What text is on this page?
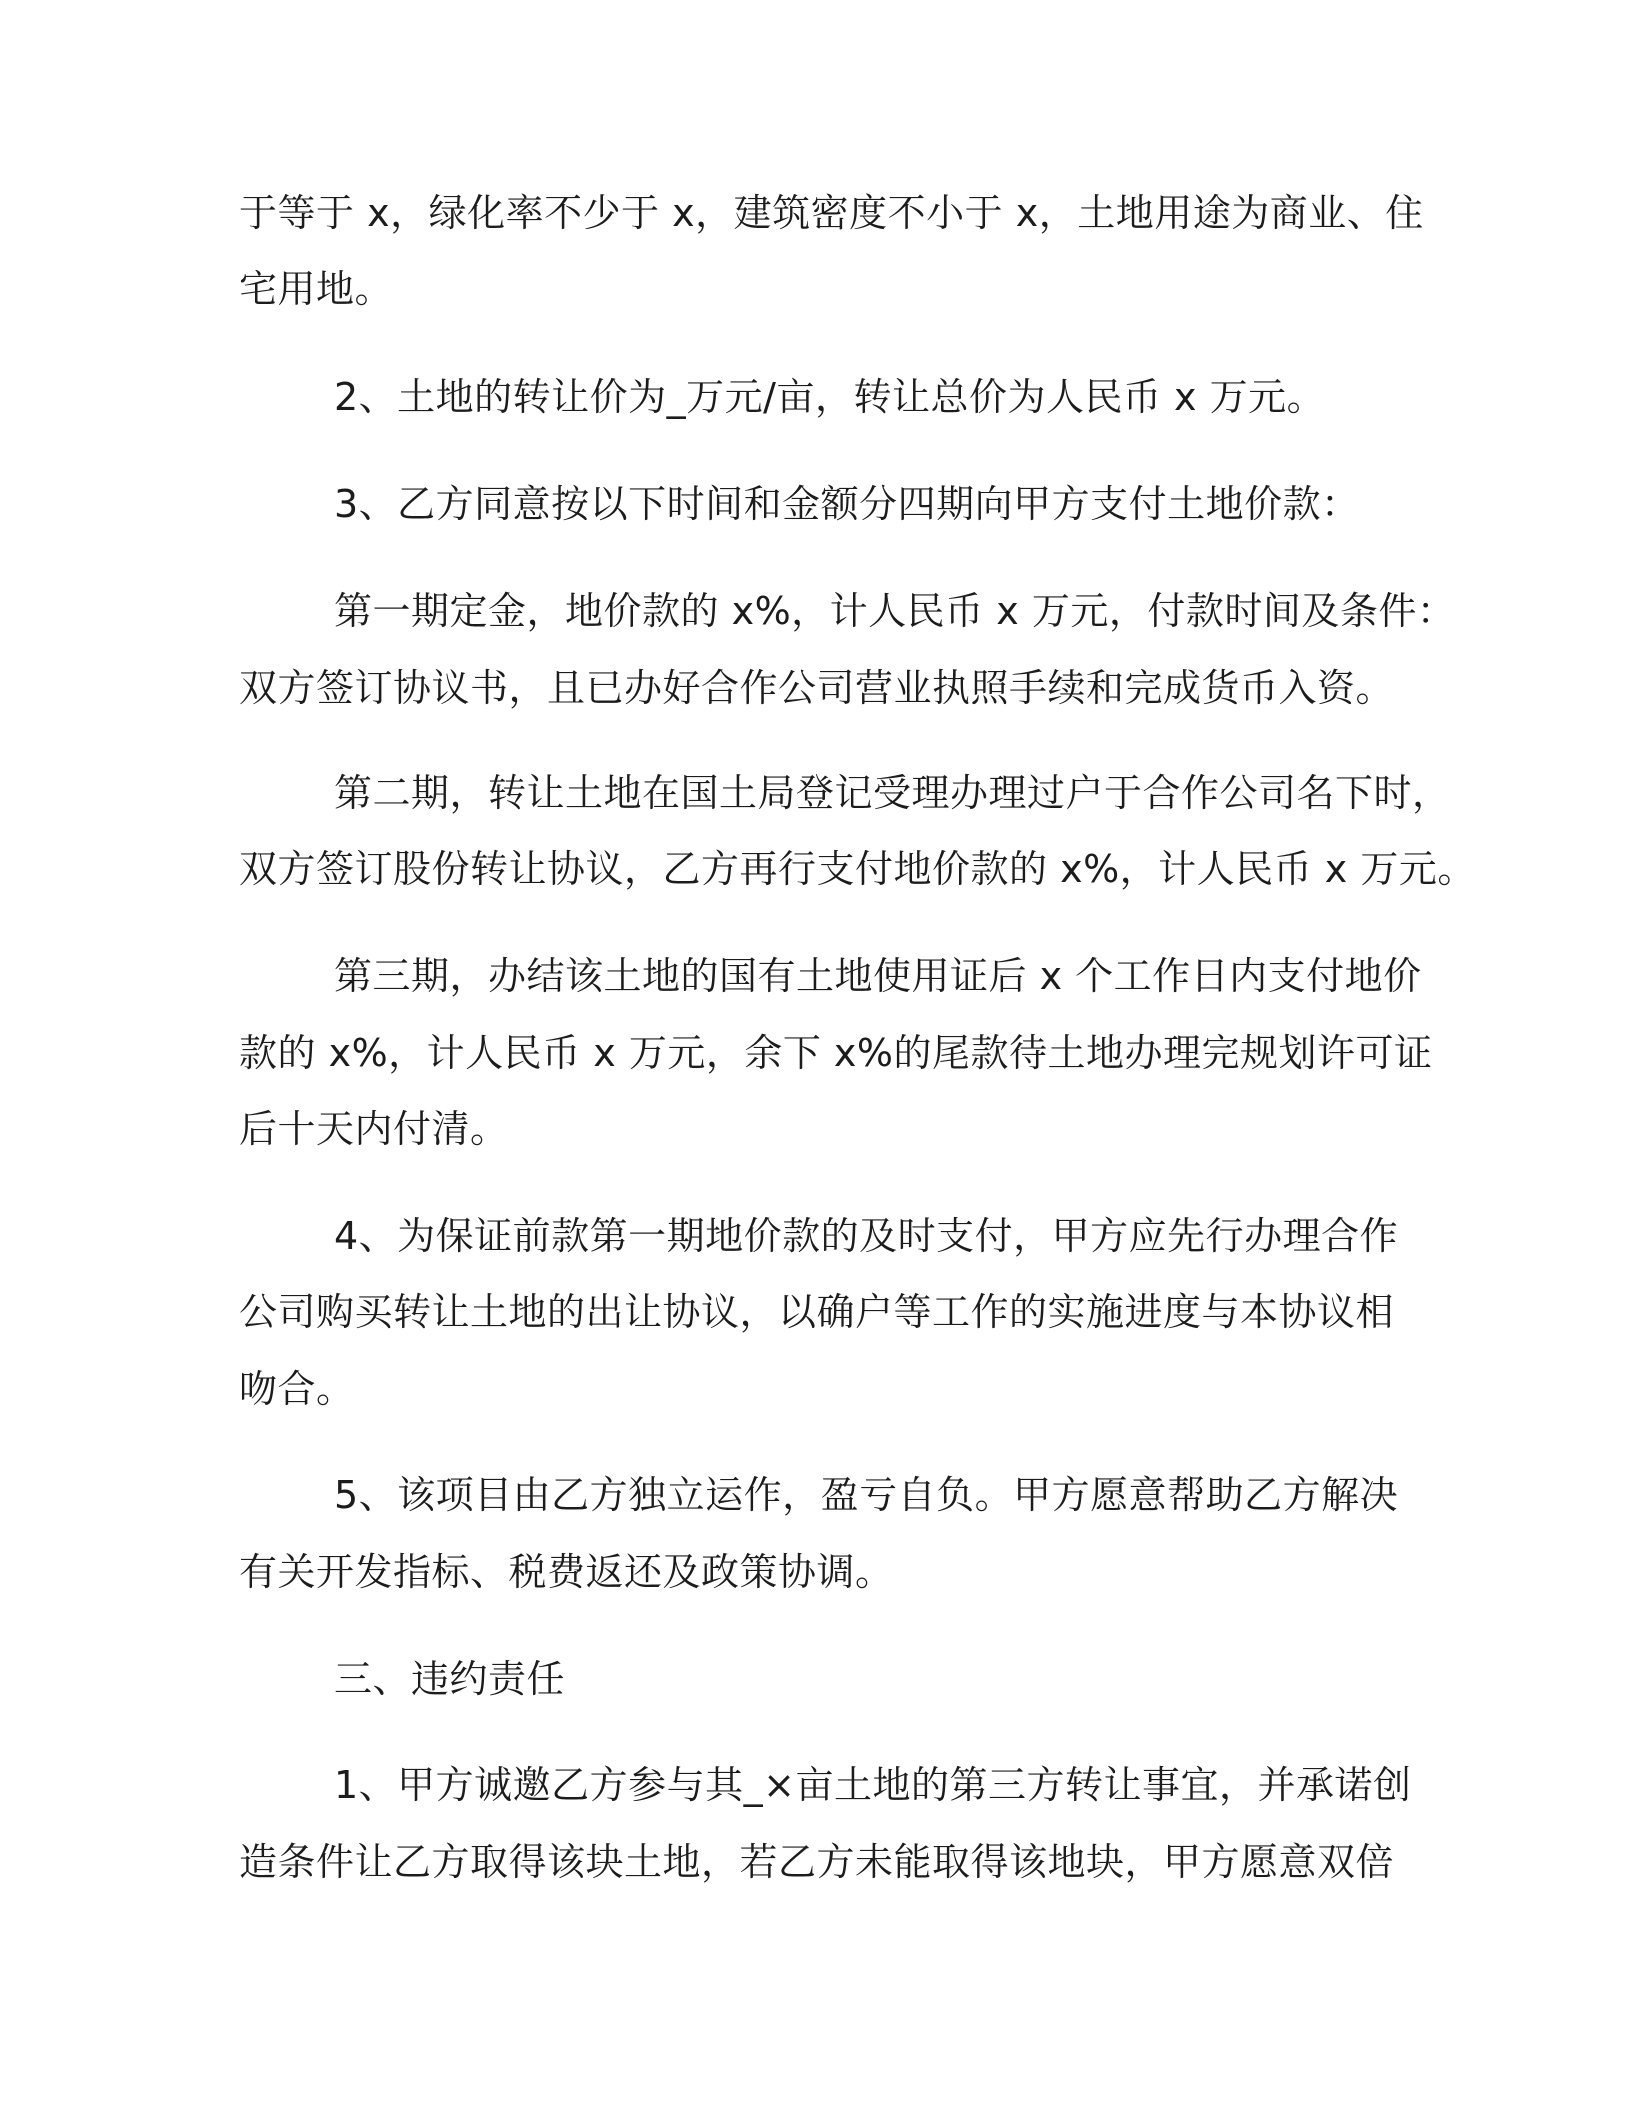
于等于 x，绿化率不少于 x，建筑密度不小于 x，土地用途为商业、住
宅用地。
2、土地的转让价为_万元/亩，转让总价为人民币 x 万元。
3、乙方同意按以下时间和金额分四期向甲方支付土地价款：
第一期定金，地价款的 x%，计人民币 x 万元，付款时间及条件：
双方签订协议书，且已办好合作公司营业执照手续和完成货币入资。
第二期，转让土地在国土局登记受理办理过户于合作公司名下时，
双方签订股份转让协议，乙方再行支付地价款的 x%，计人民币 x 万元。
第三期，办结该土地的国有土地使用证后 x 个工作日内支付地价
款的 x%，计人民币 x 万元，余下 x%的尾款待土地办理完规划许可证
后十天内付清。
4、为保证前款第一期地价款的及时支付，甲方应先行办理合作
公司购买转让土地的出让协议，以确户等工作的实施进度与本协议相
吻合。
5、该项目由乙方独立运作，盈亏自负。甲方愿意帮助乙方解决
有关开发指标、税费返还及政策协调。
三、违约责任
1、甲方诚邀乙方参与其_×亩土地的第三方转让事宜，并承诺创
造条件让乙方取得该块土地，若乙方未能取得该地块，甲方愿意双倍
